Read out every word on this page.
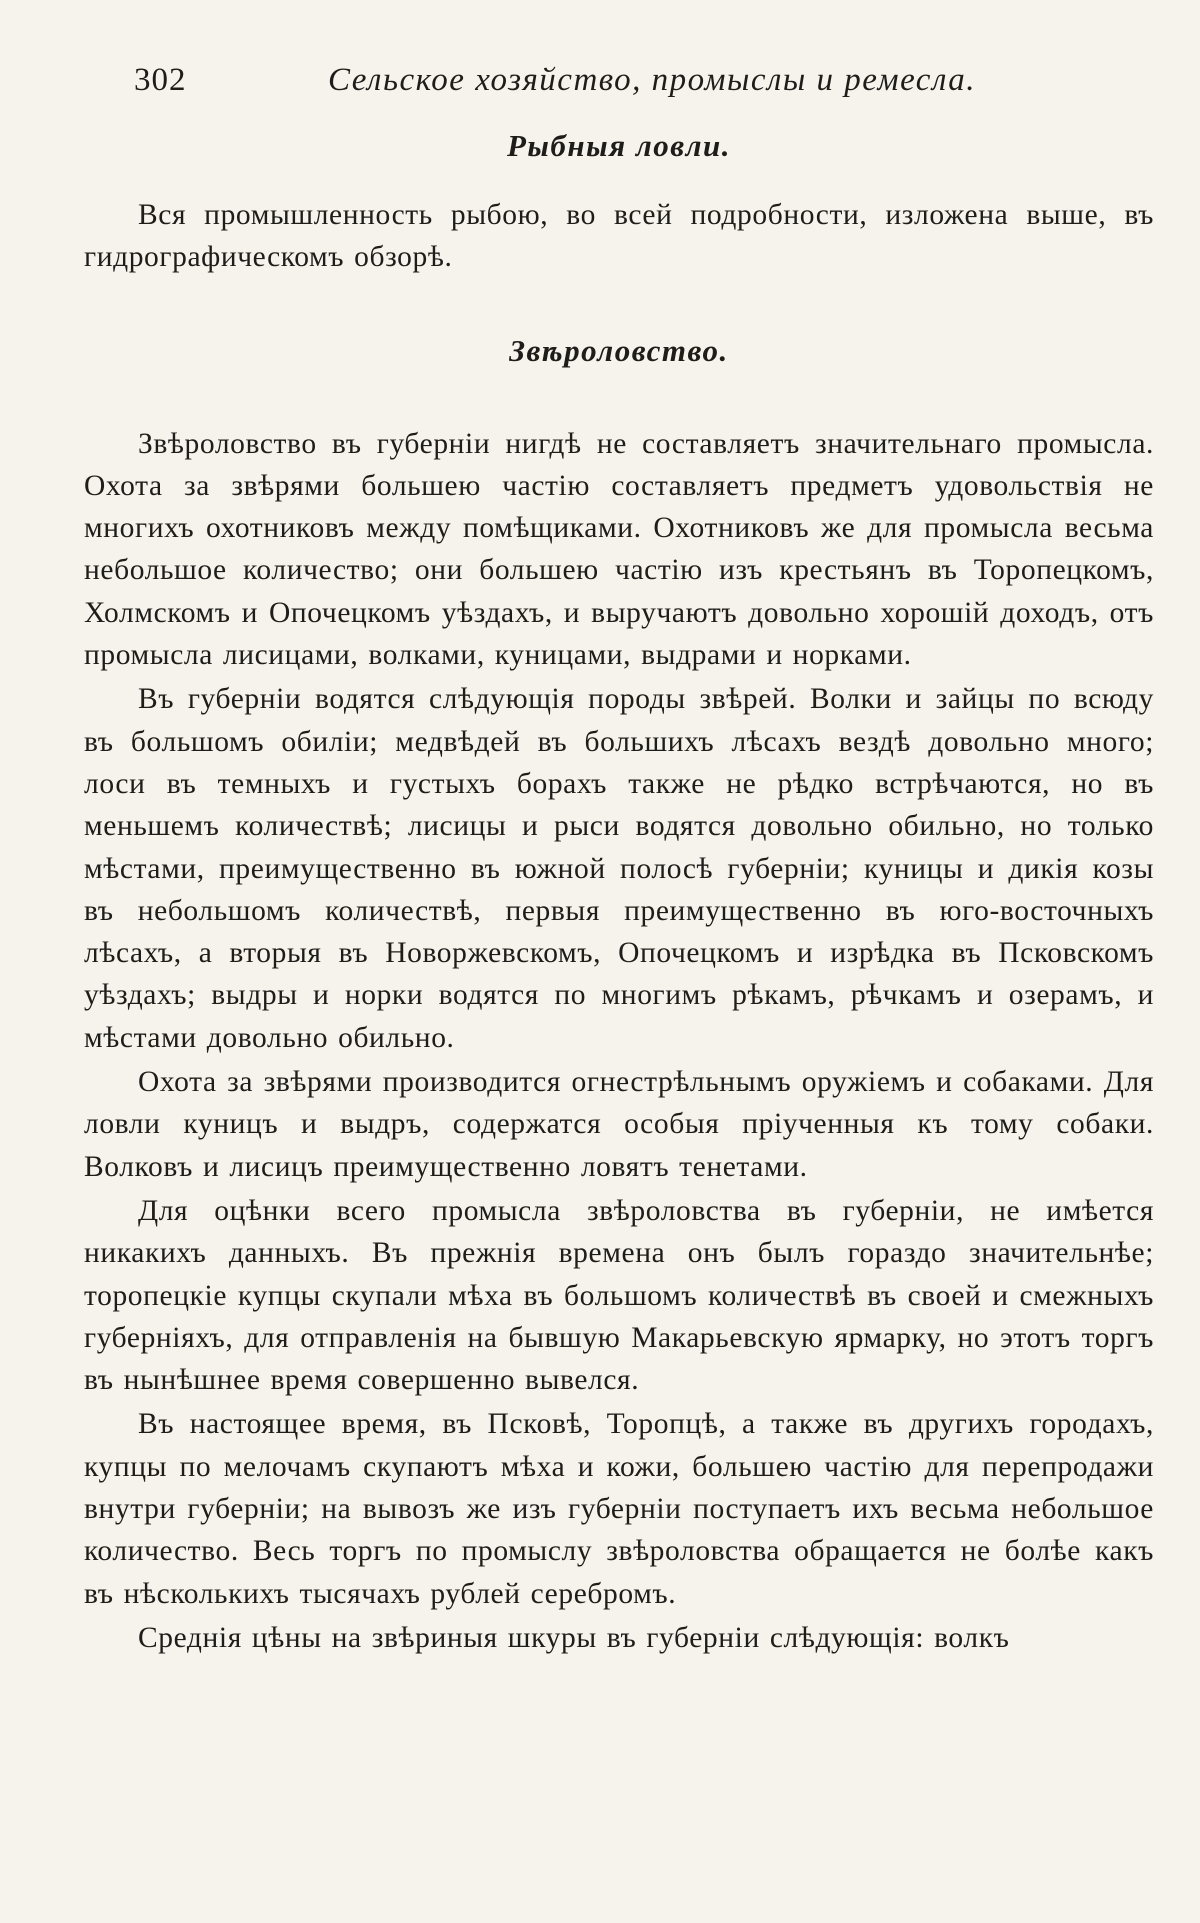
302	Сельское хозяйство, промыслы и ремесла.
Рыбныя ловли.

Вся промышленность рыбою, во всей подробности, изложена выше, въ гидрографическомъ обзорѣ.

Звѣроловство.

Звѣроловство въ губерніи нигдѣ не составляетъ значительнаго промысла. Охота за звѣрями большею частію составляетъ предметъ удовольствія не многихъ охотниковъ между помѣщиками. Охотниковъ же для промысла весьма небольшое количество; они большею частію изъ крестьянъ въ Торопецкомъ, Холмскомъ и Опочецкомъ уѣздахъ, и выручаютъ довольно хорошій доходъ, отъ промысла лисицами, волками, куницами, выдрами и норками.

Въ губерніи водятся слѣдующія породы звѣрей. Волки и зайцы по всюду въ большомъ обиліи; медвѣдей въ большихъ лѣсахъ вездѣ довольно много; лоси въ темныхъ и густыхъ борахъ также не рѣдко встрѣчаются, но въ меньшемъ количествѣ; лисицы и рыси водятся довольно обильно, но только мѣстами, преимущественно въ южной полосѣ губерніи; куницы и дикія козы въ небольшомъ количествѣ, первыя преимущественно въ юго-восточныхъ лѣсахъ, а вторыя въ Новоржевскомъ, Опочецкомъ и изрѣдка въ Псковскомъ уѣздахъ; выдры и норки водятся по многимъ рѣкамъ, рѣчкамъ и озерамъ, и мѣстами довольно обильно.

Охота за звѣрями производится огнестрѣльнымъ оружіемъ и собаками. Для ловли куницъ и выдръ, содержатся особыя пріученныя къ тому собаки. Волковъ и лисицъ преимущественно ловятъ тенетами.

Для оцѣнки всего промысла звѣроловства въ губерніи, не имѣется никакихъ данныхъ. Въ прежнія времена онъ былъ гораздо значительнѣе; торопецкіе купцы скупали мѣха въ большомъ количествѣ въ своей и смежныхъ губерніяхъ, для отправленія на бывшую Макарьевскую ярмарку, но этотъ торгъ въ нынѣшнее время совершенно вывелся.

Въ настоящее время, въ Псковѣ, Торопцѣ, а также въ другихъ городахъ, купцы по мелочамъ скупаютъ мѣха и кожи, большею частію для перепродажи внутри губерніи; на вывозъ же изъ губерніи поступаетъ ихъ весьма небольшое количество. Весь торгъ по промыслу звѣроловства обращается не болѣе какъ въ нѣсколькихъ тысячахъ рублей серебромъ.

Среднія цѣны на звѣриныя шкуры въ губерніи слѣдующія: волкъ
